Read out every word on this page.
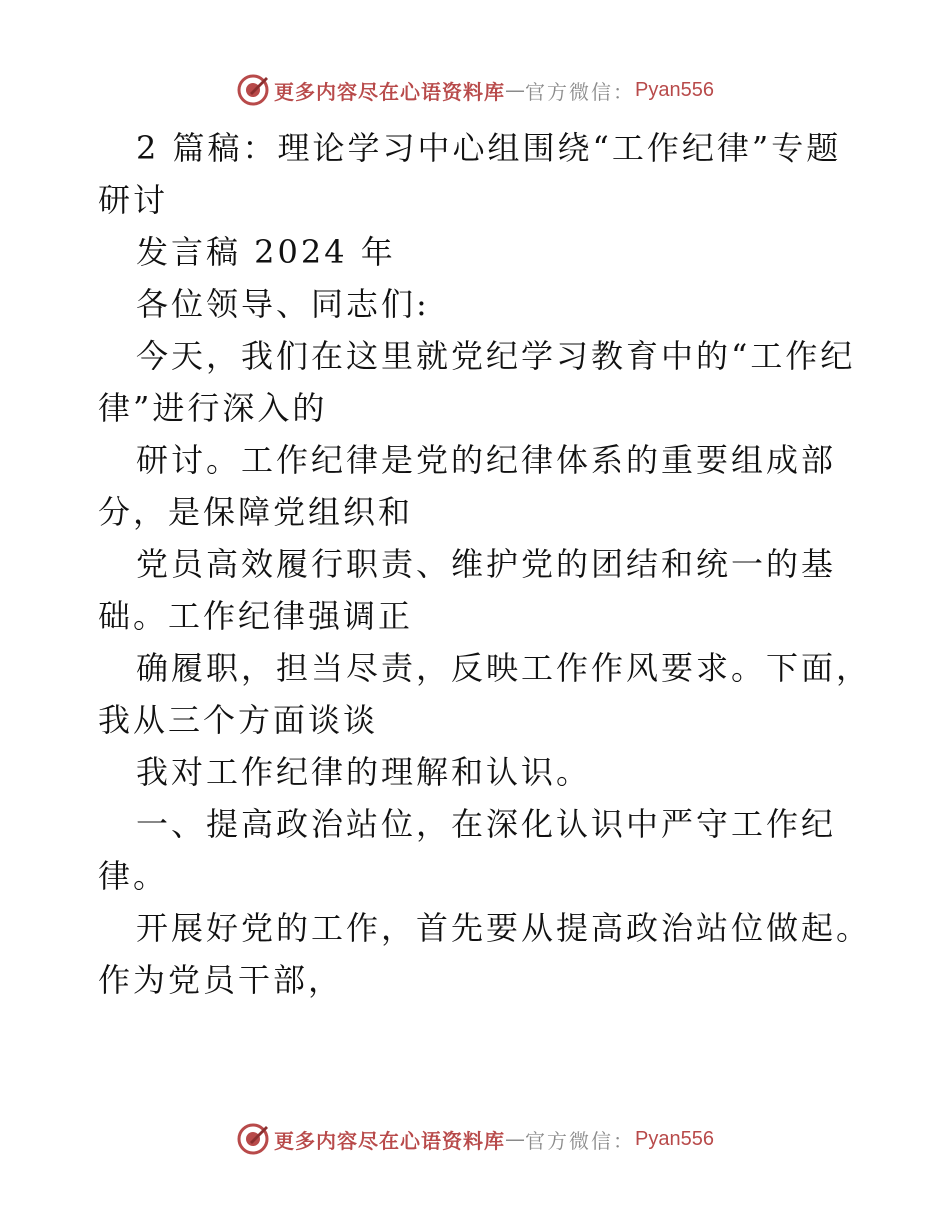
更多内容尽在心语资料库 — 官方微信： Pyan556
2 篇稿：理论学习中心组围绕“工作纪律”专题
研讨
发言稿 2024 年
各位领导、同志们:
今天，我们在这里就党纪学习教育中的“工作纪
律”进行深入的
研讨。工作纪律是党的纪律体系的重要组成部
分，是保障党组织和
党员高效履行职责、维护党的团结和统一的基
础。工作纪律强调正
确履职，担当尽责，反映工作作风要求。下面，
我从三个方面谈谈
我对工作纪律的理解和认识。
一、提高政治站位，在深化认识中严守工作纪
律。
开展好党的工作，首先要从提高政治站位做起。
作为党员干部，
更多内容尽在心语资料库 — 官方微信： Pyan556
